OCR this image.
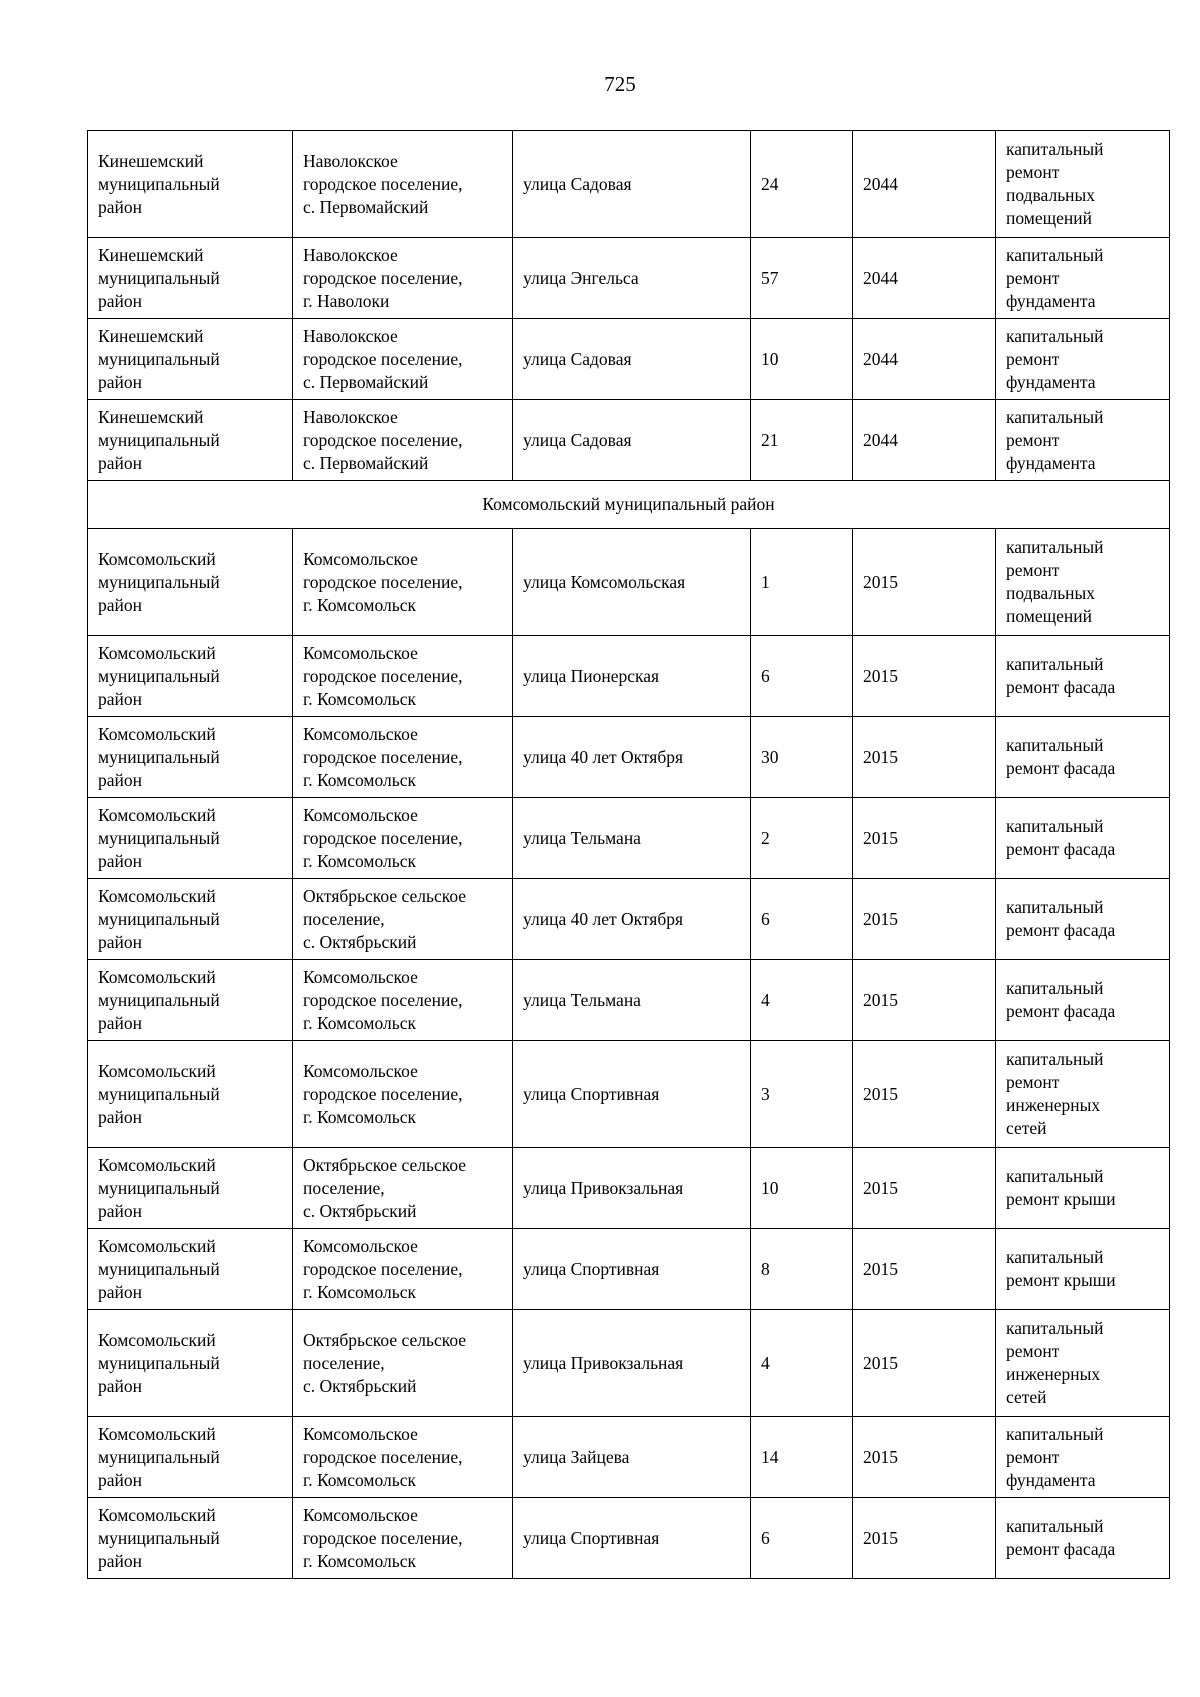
725
Кинешемский
муниципальный
район	Наволокское
городское поселение,
с. Первомайский	улица Садовая	24	2044	капитальный
ремонт
подвальных
помещений

Кинешемский
муниципальный
район	Наволокское
городское поселение,
г. Наволоки	улица Энгельса	57	2044	капитальный
ремонт
фундамента

Кинешемский
муниципальный
район	Наволокское
городское поселение,
с. Первомайский	улица Садовая	10	2044	капитальный
ремонт
фундамента

Кинешемский
муниципальный
район	Наволокское
городское поселение,
с. Первомайский	улица Садовая	21	2044	капитальный
ремонт
фундамента

Комсомольский муниципальный район					

Комсомольский
муниципальный
район	Комсомольское
городское поселение,
г. Комсомольск	улица Комсомольская	1	2015	капитальный
ремонт
подвальных
помещений

Комсомольский
муниципальный
район	Комсомольское
городское поселение,
г. Комсомольск	улица Пионерская	6	2015	капитальный
ремонт фасада

Комсомольский
муниципальный
район	Комсомольское
городское поселение,
г. Комсомольск	улица 40 лет Октября	30	2015	капитальный
ремонт фасада

Комсомольский
муниципальный
район	Комсомольское
городское поселение,
г. Комсомольск	улица Тельмана	2	2015	капитальный
ремонт фасада

Комсомольский
муниципальный
район	Октябрьское сельское
поселение,
с. Октябрьский	улица 40 лет Октября	6	2015	капитальный
ремонт фасада

Комсомольский
муниципальный
район	Комсомольское
городское поселение,
г. Комсомольск	улица Тельмана	4	2015	капитальный
ремонт фасада

Комсомольский
муниципальный
район	Комсомольское
городское поселение,
г. Комсомольск	улица Спортивная	3	2015	капитальный
ремонт
инженерных
сетей

Комсомольский
муниципальный
район	Октябрьское сельское
поселение,
с. Октябрьский	улица Привокзальная	10	2015	капитальный
ремонт крыши

Комсомольский
муниципальный
район	Комсомольское
городское поселение,
г. Комсомольск	улица Спортивная	8	2015	капитальный
ремонт крыши

Комсомольский
муниципальный
район	Октябрьское сельское
поселение,
с. Октябрьский	улица Привокзальная	4	2015	капитальный
ремонт
инженерных
сетей

Комсомольский
муниципальный
район	Комсомольское
городское поселение,
г. Комсомольск	улица Зайцева	14	2015	капитальный
ремонт
фундамента

Комсомольский
муниципальный
район	Комсомольское
городское поселение,
г. Комсомольск	улица Спортивная	6	2015	капитальный
ремонт фасада
